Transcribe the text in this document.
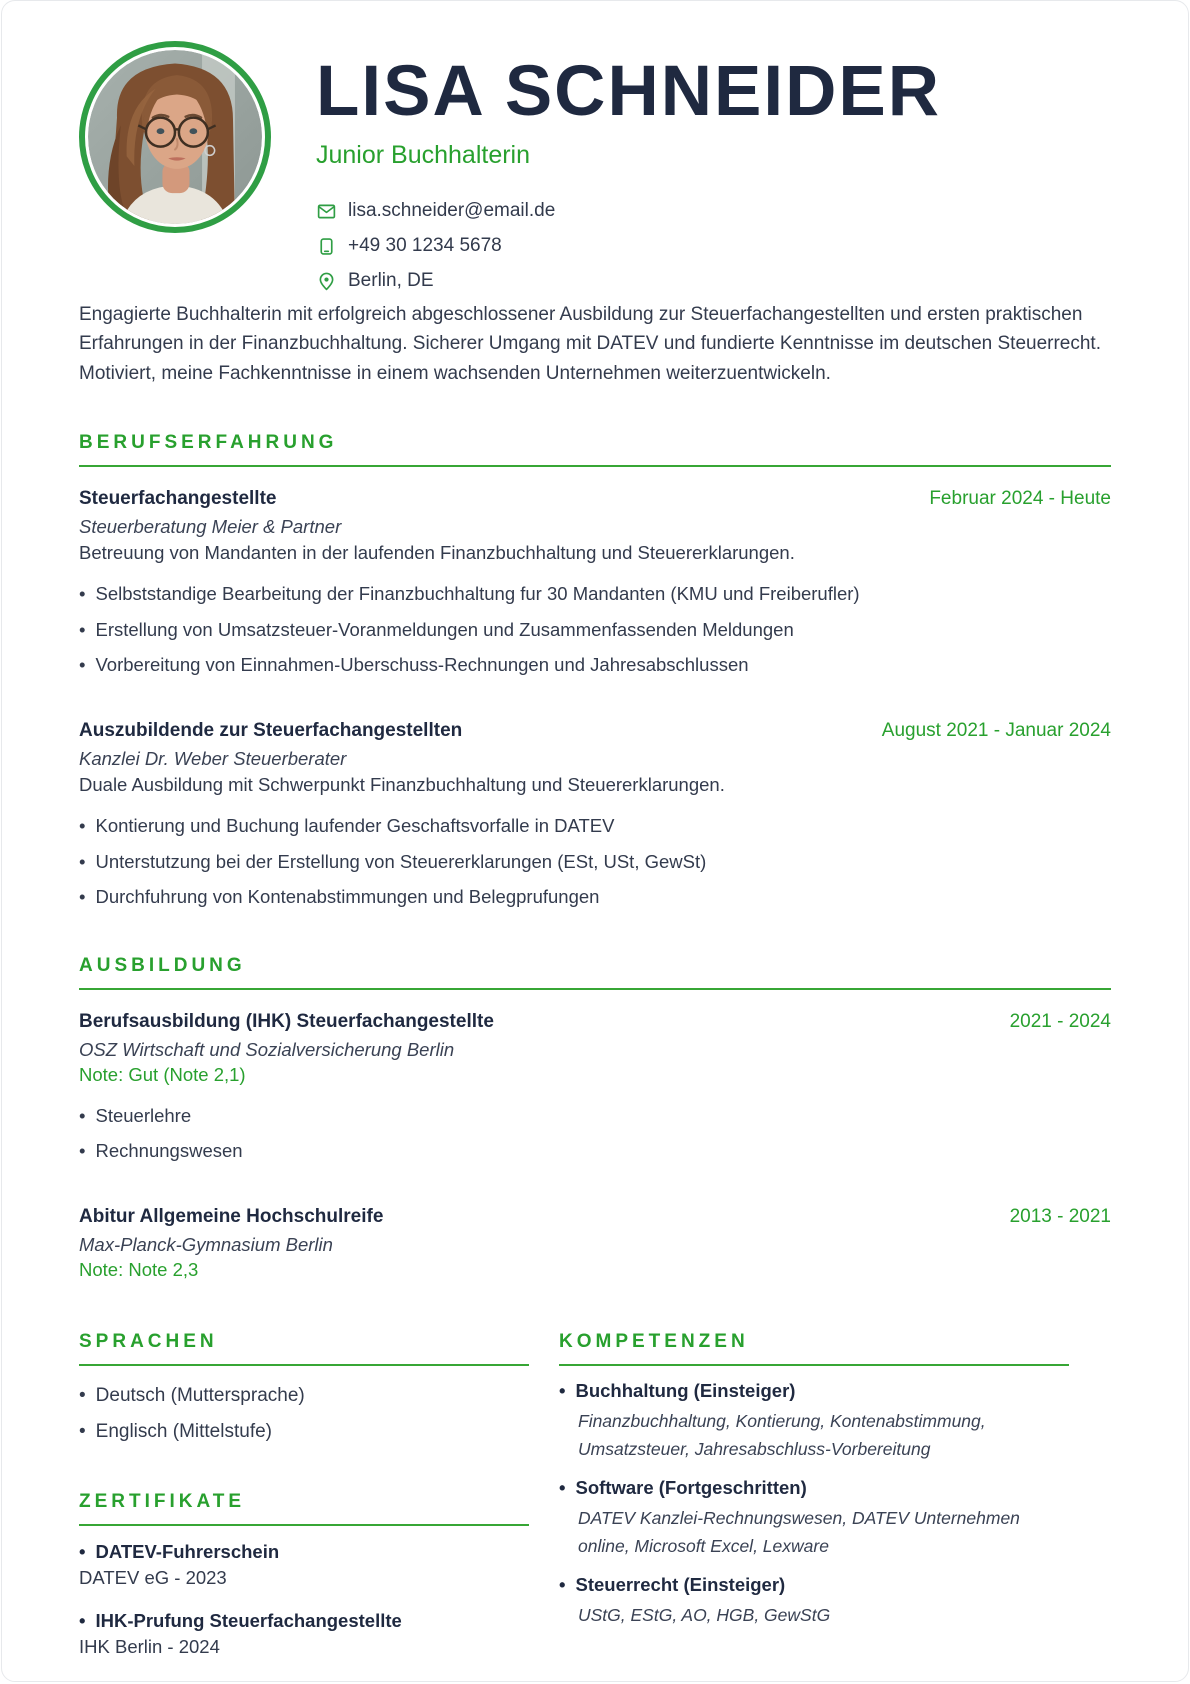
LISA SCHNEIDER
Junior Buchhalterin
lisa.schneider@email.de
+49 30 1234 5678
Berlin, DE
Engagierte Buchhalterin mit erfolgreich abgeschlossener Ausbildung zur Steuerfachangestellten und ersten praktischen Erfahrungen in der Finanzbuchhaltung. Sicherer Umgang mit DATEV und fundierte Kenntnisse im deutschen Steuerrecht. Motiviert, meine Fachkenntnisse in einem wachsenden Unternehmen weiterzuentwickeln.
BERUFSERFAHRUNG
Steuerfachangestellte	Februar 2024 - Heute
Steuerberatung Meier & Partner
Betreuung von Mandanten in der laufenden Finanzbuchhaltung und Steuererklarungen.
• Selbststandige Bearbeitung der Finanzbuchhaltung fur 30 Mandanten (KMU und Freiberufler)
• Erstellung von Umsatzsteuer-Voranmeldungen und Zusammenfassenden Meldungen
• Vorbereitung von Einnahmen-Uberschuss-Rechnungen und Jahresabschlussen
Auszubildende zur Steuerfachangestellten	August 2021 - Januar 2024
Kanzlei Dr. Weber Steuerberater
Duale Ausbildung mit Schwerpunkt Finanzbuchhaltung und Steuererklarungen.
• Kontierung und Buchung laufender Geschaftsvorfalle in DATEV
• Unterstutzung bei der Erstellung von Steuererklarungen (ESt, USt, GewSt)
• Durchfuhrung von Kontenabstimmungen und Belegprufungen
AUSBILDUNG
Berufsausbildung (IHK) Steuerfachangestellte	2021 - 2024
OSZ Wirtschaft und Sozialversicherung Berlin
Note: Gut (Note 2,1)
• Steuerlehre
• Rechnungswesen
Abitur Allgemeine Hochschulreife	2013 - 2021
Max-Planck-Gymnasium Berlin
Note: Note 2,3
SPRACHEN
• Deutsch (Muttersprache)
• Englisch (Mittelstufe)
ZERTIFIKATE
• DATEV-Fuhrerschein
DATEV eG - 2023
• IHK-Prufung Steuerfachangestellte
IHK Berlin - 2024
KOMPETENZEN
• Buchhaltung (Einsteiger)
Finanzbuchhaltung, Kontierung, Kontenabstimmung, Umsatzsteuer, Jahresabschluss-Vorbereitung
• Software (Fortgeschritten)
DATEV Kanzlei-Rechnungswesen, DATEV Unternehmen online, Microsoft Excel, Lexware
• Steuerrecht (Einsteiger)
UStG, EStG, AO, HGB, GewStG
